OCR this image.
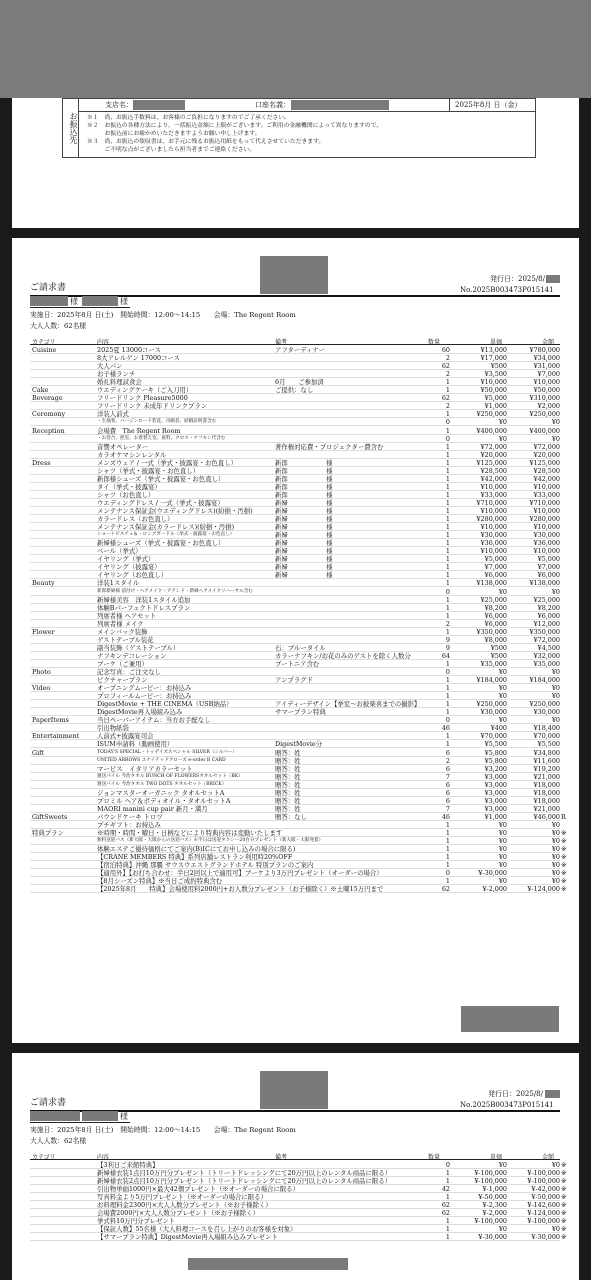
お振込先
支店名：	口座名義：	2025年8月 日（金）
※１　尚、お振込手数料は、お客様のご負担になりますのでご了承ください。
※２　お振込の各種方法により、一括振込金額に上限がございます。ご利用の金融機関によって異なりますので、
　　　お振込前にお確かめいただきますようお願い申し上げます。
※３　尚、お振込の領収書は、お手元に残るお振込用紙をもって代えさせていただきます。
　　　ご不明な点がございましたら担当者までご連絡ください。
発行日：2025/8/
ご請求書	No.2025B003473P015141
様	様
実施日：2025年8月 日(土)　開始時間：12:00～14:15　　会場：The Regent Room
大人人数：62名様
カテゴリ	内容	備考	数量	単価	金額
Cuisine	2025夏 13000コース	アフターディナー	60	¥13,000	¥780,000
8大アレルゲン 17000コース	2	¥17,000	¥34,000
大人パン	62	¥500	¥31,000
お子様ランチ	2	¥3,500	¥7,000
婚礼料理試食会	6月　　ご参加済	1	¥10,000	¥10,000
Cake	ウエディングケーキ（ご入刀用）	ご提供：なし	1	¥50,000	¥50,000
Beverage	フリードリンク Pleasure5000	62	¥5,000	¥310,000
フリードリンク 未成年ドリンクプラン	2	¥1,000	¥2,000
Ceremony	洋装人前式	1	¥250,000	¥250,000
・生演奏、バージンロード装花、司婚者、結婚証明書含む	0	¥0	¥0
Reception	会場費　The Regent Room	1	¥400,000	¥400,000
・お待合、控室、お着替え室、座料、クロス・ナフキン代含む	0	¥0	¥0
音響オペレーター	著作権対応費・プロジェクター費含む	1	¥72,000	¥72,000
カラオケマシンレンタル	1	¥20,000	¥20,000
Dress	メンズウェア / 一式（挙式・披露宴・お色直し）	新郎　　　　　　様	1	¥125,000	¥125,000
シャツ（挙式・披露宴・お色直し）	新郎　　　　　　様	1	¥28,500	¥28,500
新郎様シューズ（挙式・披露宴・お色直し）	新郎　　　　　　様	1	¥42,000	¥42,000
タイ（挙式・披露宴）	新郎　　　　　　様	1	¥10,000	¥10,000
シャツ（お色直し）	新郎　　　　　　様	1	¥33,000	¥33,000
ウエディングドレス / 一式（挙式・披露宴）	新婦　　　　　　様	1	¥710,000	¥710,000
メンテナンス保証金(ウエディングドレス)(紛損・汚損)	新婦　　　　　　様	1	¥10,000	¥10,000
カラードレス（お色直し）	新婦　　　　　　様	1	¥280,000	¥280,000
メンテナンス保証金(カラードレス)(紛損・汚損)	新婦　　　　　　様	1	¥10,000	¥10,000
ショートビスチェ＆・ロングガードル（挙式・披露宴・お色直し）	新婦　　　　　　様	1	¥30,000	¥30,000
新婦様シューズ（挙式・披露宴・お色直し）	新婦　　　　　　様	1	¥36,000	¥36,000
ベール（挙式）	新婦　　　　　　様	1	¥10,000	¥10,000
イヤリング（挙式）	新婦　　　　　　様	1	¥5,000	¥5,000
イヤリング（披露宴）	新婦　　　　　　様	1	¥7,000	¥7,000
イヤリング（お色直し）	新婦　　　　　　様	1	¥6,000	¥6,000
Beauty	洋装1スタイル	1	¥138,000	¥138,000
新郎新婦様 前付け・ヘアメイク・アテンド・新婦ヘアメイクリハーサル含む	0	¥0	¥0
新婦様美容　洋装1スタイル追加	1	¥25,000	¥25,000
体験Bパーフェクトドレスプラン	1	¥8,200	¥8,200
列席者様 ヘアセット	1	¥6,000	¥6,000
列席者様 メイク	2	¥6,000	¥12,000
Flower	メインバック装飾	1	¥350,000	¥350,000
ゲストテーブル装花	9	¥8,000	¥72,000
副当装飾（ゲストテーブル）	石：ブルータイル	9	¥500	¥4,500
ナフキンデコレーション	カラーナフキン/お花のみのゲストを除く人数分	64	¥500	¥32,000
ブーケ（ご兼用）	ブートニア含む	1	¥35,000	¥35,000
Photo	記念写真：ご注文なし	0	¥0	¥0
ピクチャープラン	アンプラグド	1	¥184,000	¥184,000
Video	オープニングムービー：お持込み	1	¥0	¥0
プロフィールムービー：お持込み	1	¥0	¥0
DigestMovie + THE CINEMA（USB納品）	アイディーデザイン【挙室～お披楽喜までの撮影】	1	¥250,000	¥250,000
DigestMovie再入場組み込み	サマープラン特典	1	¥30,000	¥30,000
PaperItems	当日ペーパーアイテム：当方お手配なし	0	¥0	¥0
引出物紙袋	46	¥400	¥18,400
Entertainment	人前式+披露宴司会	1	¥70,000	¥70,000
ISUM申請料（動画使用）	DigestMovie分	1	¥5,500	¥5,500
Gift	TODAY'S SPECIAL・トゥデイズスペシャル SILVER（シルバー）	贈答：姓	6	¥5,800	¥34,800
UNITED ARROWS ユナイテッドアローズ e-order B CARD	贈答：姓	2	¥5,800	¥11,600
マービス　イタリアカラーセット	贈答：姓	6	¥3,200	¥19,200
廻送パイル 今治タオル BUNCH OF FLOWERSタオルセット（BK）	贈答：姓	7	¥3,000	¥21,000
廻送パイル 今治タオル TWO DOTS タオルセット（BRICK）	贈答：姓	6	¥3,000	¥18,000
ジョンマスターオーガニック タオルセットA	贈答：姓	6	¥3,000	¥18,000
プロミル ヘア＆ボディオイル・タオルセットA	贈答：姓	6	¥3,000	¥18,000
MAORI manini cup pair 新月・満月	贈答：姓	7	¥3,000	¥21,000
GiftSweets	パウンドケーキ トロワ	贈答：なし	46	¥1,000	¥46,000 R
プチギフト：お持込み	1	¥0	¥0
特典プラン	※時期・時間・曜日・日柄などにより特典内容は変動いたします	1	¥0	¥0 ※
無料送迎バス（新大阪・大阪からの送迎バス）※半日は送迎タクシー20台分プレゼント（新大阪・大阪発着）	1	¥0	¥0 ※
体験エステご優待価格にてご案内(B)ICにてお申し込みの場合に限る)	1	¥0	¥0 ※
【CRANE MEMBERS 特典】系列店舗レストラン利用時20%OFF	1	¥0	¥0 ※
【宿泊特典】沖縄 那覇 サウスウエストグランドホテル 特別プランのご案内	1	¥0	¥0 ※
【適用外】【お打ち合わせ：半日2回以上で適用可】ブーケより3万円プレゼント（オーダーの場合）	0	¥-30,000	¥0 ※
【8月シーズン特典】※当日ご成約特典含む	1	¥0	¥0 ※
【2025年8月　　特典】会場使用料2000円+お人数分プレゼント（お子様除く）※土曜15万円まで	62	¥-2,000	¥-124,000 ※
発行日：2025/8/
ご請求書	No.2025B003473P015141
様
実施日：2025年8月 日(土)　開始時間：12:00～14:15　　会場：The Regent Room
大人人数：62名様
カテゴリ	内容	備考	数量	単価	金額
【3利日ご来館特典】	0	¥0	¥0 ※
新婦様衣装1点目10万円分プレゼント（トリートドレッシングにて20万円以上のレンタル商品に限る）	1	¥-100,000	¥-100,000 ※
新婦様衣装2点目10万円分プレゼント（トリートドレッシングにて20万円以上のレンタル商品に限る）	1	¥-100,000	¥-100,000 ※
引出物単価1000円×最大42個プレゼント（※オーダーの場合に限る）	42	¥-1,000	¥-42,000 ※
写真料金より5万円プレゼント（※オーダーの場合に限る）	1	¥-50,000	¥-50,000 ※
お料理料金2300円×大人人数分プレゼント（※お子様除く）	62	¥-2,300	¥-142,600 ※
会場費2000円×大人人数分プレゼント（※お子様除く）	62	¥-2,000	¥-124,000 ※
挙式料10万円分プレゼント	1	¥-100,000	¥-100,000 ※
【保証人数】55名様（大人料理コースを召し上がりのお客様を対象）	1	¥0	¥0 ※
【サマープラン特典】DigestMovie再入場組み込みプレゼント	1	¥-30,000	¥-30,000 ※
